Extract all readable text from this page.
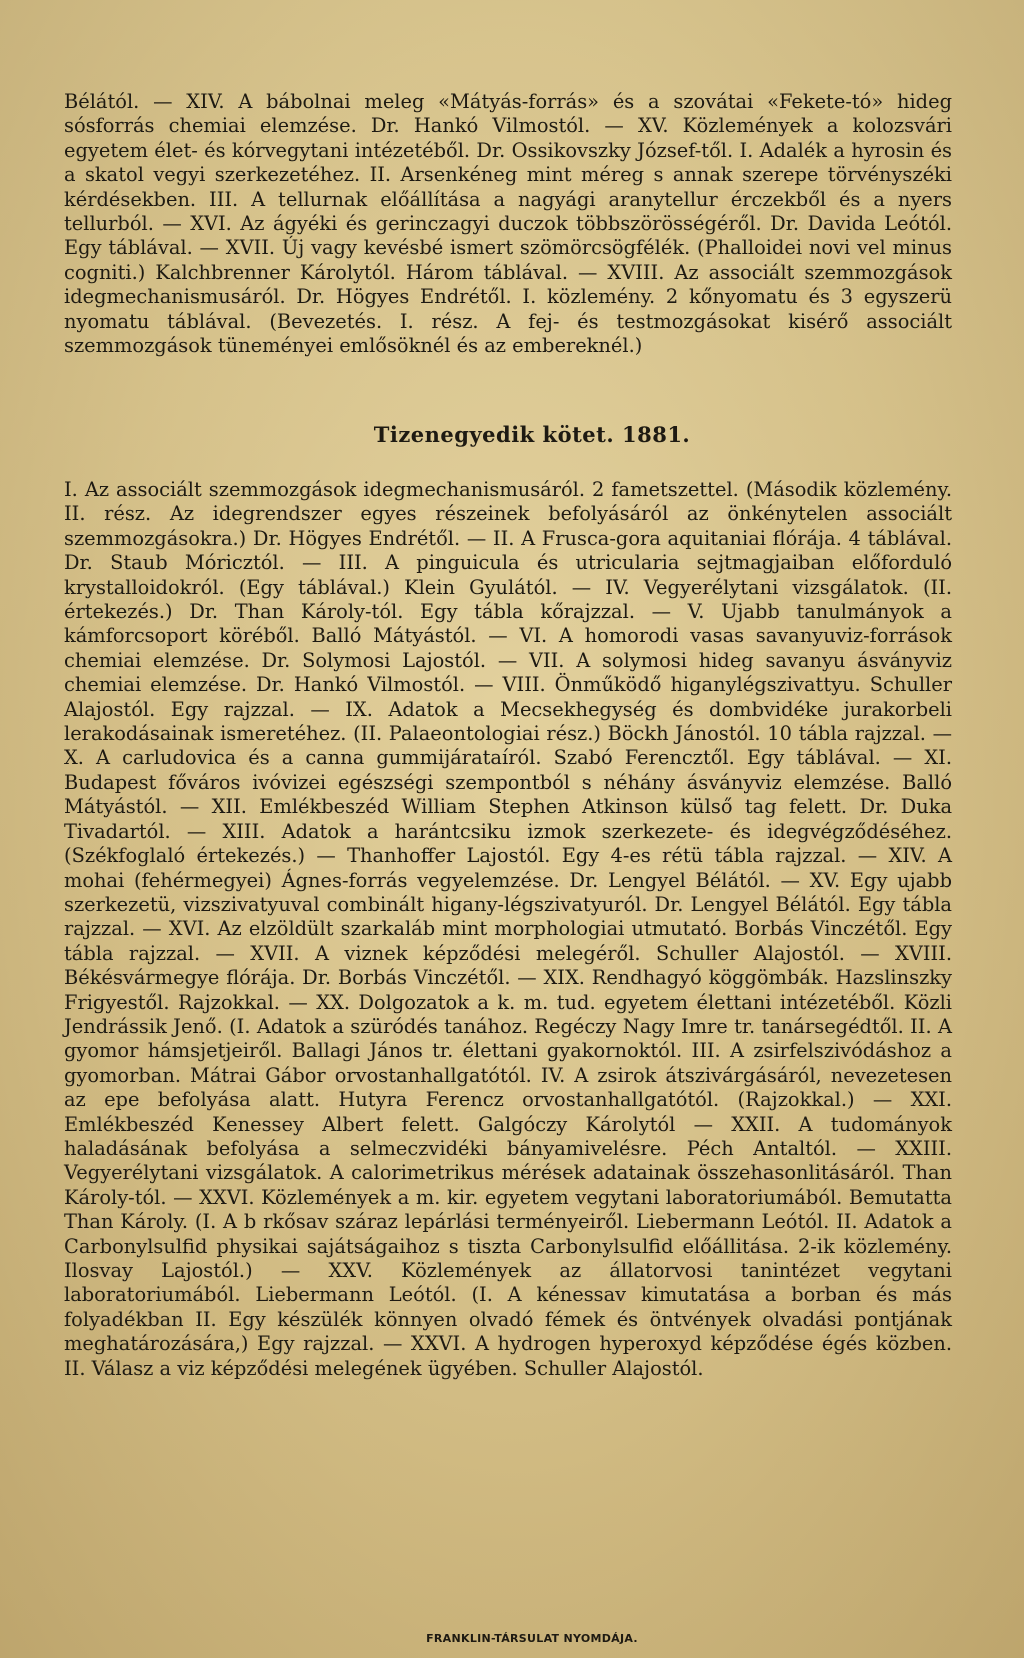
Bélától. — XIV. A bábolnai meleg «Mátyás-forrás» és a szovátai «Fekete-tó» hideg sósforrás chemiai elemzése. Dr. Hankó Vilmostól. — XV. Közlemények a kolozsvári egyetem élet- és kórvegytani intézetéből. Dr. Ossikovszky József-től. I. Adalék a hyrosin és a skatol vegyi szerkezetéhez. II. Arsenkéneg mint méreg s annak szerepe törvényszéki kérdésekben. III. A tellurnak előállítása a nagyági aranytellur érczekből és a nyers tellurból. — XVI. Az ágyéki és gerinczagyi duczok többszörösségéről. Dr. Davida Leótól. Egy táblával. — XVII. Új vagy kevésbé ismert szömörcsögfélék. (Phalloidei novi vel minus cogniti.) Kalchbrenner Károlytól. Három táblával. — XVIII. Az associált szemmozgások idegmechanismusáról. Dr. Högyes Endrétől. I. közlemény. 2 kőnyomatu és 3 egyszerü nyomatu táblával. (Bevezetés. I. rész. A fej- és testmozgásokat kisérő associált szemmozgások tüneményei emlősöknél és az embereknél.)

Tizenegyedik kötet. 1881.

I. Az associált szemmozgások idegmechanismusáról. 2 fametszettel. (Második közlemény. II. rész. Az idegrendszer egyes részeinek befolyásáról az önkénytelen associált szemmozgásokra.) Dr. Högyes Endrétől. — II. A Frusca-gora aquitaniai flórája. 4 táblával. Dr. Staub Móricztól. — III. A pinguicula és utricularia sejtmagjaiban előforduló krystalloidokról. (Egy táblával.) Klein Gyulától. — IV. Vegyerélytani vizsgálatok. (II. értekezés.) Dr. Than Károly-tól. Egy tábla kőrajzzal. — V. Ujabb tanulmányok a kámforcsoport köréből. Balló Mátyástól. — VI. A homorodi vasas savanyuviz-források chemiai elemzése. Dr. Solymosi Lajostól. — VII. A solymosi hideg savanyu ásványviz chemiai elemzése. Dr. Hankó Vilmostól. — VIII. Önműködő higanylégszivattyu. Schuller Alajostól. Egy rajzzal. — IX. Adatok a Mecsekhegység és dombvidéke jurakorbeli lerakodásainak ismeretéhez. (II. Palaeontologiai rész.) Böckh Jánostól. 10 tábla rajzzal. — X. A carludovica és a canna gummijárataíról. Szabó Ferencztől. Egy táblával. — XI. Budapest főváros ivóvizei egészségi szempontból s néhány ásványviz elemzése. Balló Mátyástól. — XII. Emlékbeszéd William Stephen Atkinson külső tag felett. Dr. Duka Tivadartól. — XIII. Adatok a harántcsiku izmok szerkezete- és idegvégződéséhez. (Székfoglaló értekezés.) — Thanhoffer Lajostól. Egy 4-es rétü tábla rajzzal. — XIV. A mohai (fehérmegyei) Ágnes-forrás vegyelemzése. Dr. Lengyel Bélától. — XV. Egy ujabb szerkezetü, vizszivatyuval combinált higany-légszivatyuról. Dr. Lengyel Bélától. Egy tábla rajzzal. — XVI. Az elzöldült szarkaláb mint morphologiai utmutató. Borbás Vinczétől. Egy tábla rajzzal. — XVII. A viznek képződési melegéről. Schuller Alajostól. — XVIII. Békésvármegye flórája. Dr. Borbás Vinczétől. — XIX. Rendhagyó köggömbák. Hazslinszky Frigyestől. Rajzokkal. — XX. Dolgozatok a k. m. tud. egyetem élettani intézetéből. Közli Jendrássik Jenő. (I. Adatok a szüródés tanához. Regéczy Nagy Imre tr. tanársegédtől. II. A gyomor hámsjetjeiről. Ballagi János tr. élettani gyakornoktól. III. A zsirfelszivódáshoz a gyomorban. Mátrai Gábor orvostanhallgatótól. IV. A zsirok átszivárgásáról, nevezetesen az epe befolyása alatt. Hutyra Ferencz orvostanhallgatótól. (Rajzokkal.) — XXI. Emlékbeszéd Kenessey Albert felett. Galgóczy Károlytól — XXII. A tudományok haladásának befolyása a selmeczvidéki bányamivelésre. Péch Antaltól. — XXIII. Vegyerélytani vizsgálatok. A calorimetrikus mérések adatainak összehasonlitásáról. Than Károly-tól. — XXVI. Közlemények a m. kir. egyetem vegytani laboratoriumából. Bemutatta Than Károly. (I. A b rkősav száraz lepárlási terményeiről. Liebermann Leótól. II. Adatok a Carbonylsulfid physikai sajátságaihoz s tiszta Carbonylsulfid előállitása. 2-ik közlemény. Ilosvay Lajostól.) — XXV. Közlemények az állatorvosi tanintézet vegytani laboratoriumából. Liebermann Leótól. (I. A kénessav kimutatása a borban és más folyadékban II. Egy készülék könnyen olvadó fémek és öntvények olvadási pontjának meghatározására,) Egy rajzzal. — XXVI. A hydrogen hyperoxyd képződése égés közben. II. Válasz a viz képződési melegének ügyében. Schuller Alajostól.

FRANKLIN-TÁRSULAT NYOMDÁJA.
